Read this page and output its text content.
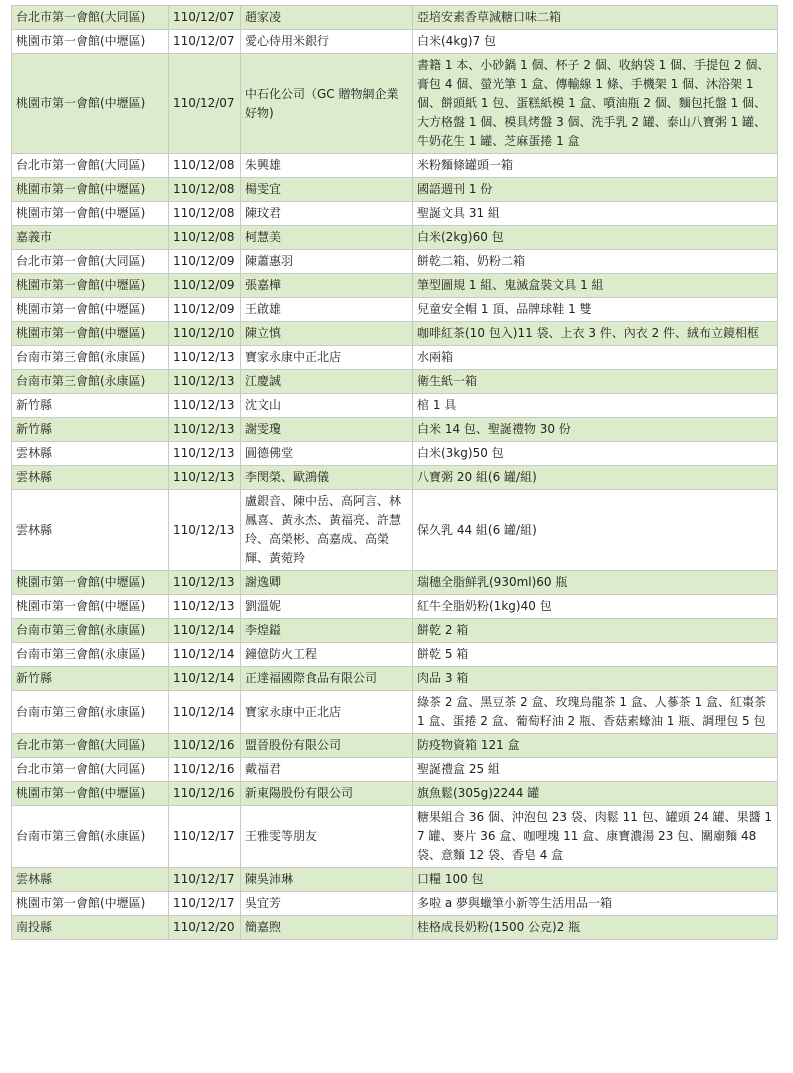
台北市第一會館(大同區)	110/12/07	趙家凌	亞培安素香草減糖口味二箱
桃園市第一會館(中壢區)	110/12/07	愛心侍用米銀行	白米(4kg)7 包
桃園市第一會館(中壢區)	110/12/07	中石化公司（GC 贈物網企業好物)	書籍 1 本、小砂鍋 1 個、杯子 2 個、收納袋 1 個、手提包 2 個、膏包 4 個、螢光筆 1 盒、傳輸線 1 條、手機架 1 個、沐浴架 1 個、餅頭紙 1 包、蛋糕紙模 1 盒、噴油瓶 2 個、麵包托盤 1 個、大方格盤 1 個、模具烤盤 3 個、洗手乳 2 罐、泰山八寶粥 1 罐、牛奶花生 1 罐、芝麻蛋捲 1 盒
台北市第一會館(大同區)	110/12/08	朱興雄	米粉麵條罐頭一箱
桃園市第一會館(中壢區)	110/12/08	楊雯宜	國語週刊 1 份
桃園市第一會館(中壢區)	110/12/08	陳玟君	聖誕文具 31 組
嘉義市	110/12/08	柯慧美	白米(2kg)60 包
台北市第一會館(大同區)	110/12/09	陳蕭惠羽	餅乾二箱、奶粉二箱
桃園市第一會館(中壢區)	110/12/09	張嘉樺	筆型圖規 1 組、鬼滅盒裝文具 1 組
桃園市第一會館(中壢區)	110/12/09	王啟雄	兒童安全帽 1 頂、品牌球鞋 1 雙
桃園市第一會館(中壢區)	110/12/10	陳立慎	咖啡紅茶(10 包入)11 袋、上衣 3 件、內衣 2 件、絨布立鏡相框
台南市第三會館(永康區)	110/12/13	寶家永康中正北店	水兩箱
台南市第三會館(永康區)	110/12/13	江慶誠	衛生紙一箱
新竹縣	110/12/13	沈文山	棺 1 具
新竹縣	110/12/13	謝雯瓊	白米 14 包、聖誕禮物 30 份
雲林縣	110/12/13	圓德佛堂	白米(3kg)50 包
雲林縣	110/12/13	李閔榮、歐鴻儀	八寶粥 20 組(6 罐/組)
雲林縣	110/12/13	盧銀音、陳中岳、高阿言、林鳳喜、黃永杰、黃福亮、許慧玲、高榮彬、高嘉成、高榮輝、黃菀羚	保久乳 44 組(6 罐/組)
桃園市第一會館(中壢區)	110/12/13	謝逸卿	瑞穗全脂鮮乳(930ml)60 瓶
桃園市第一會館(中壢區)	110/12/13	劉溫妮	紅牛全脂奶粉(1kg)40 包
台南市第三會館(永康區)	110/12/14	李煌鎰	餅乾 2 箱
台南市第三會館(永康區)	110/12/14	鐘億防火工程	餅乾 5 箱
新竹縣	110/12/14	正達福國際食品有限公司	肉品 3 箱
台南市第三會館(永康區)	110/12/14	寶家永康中正北店	綠茶 2 盒、黑豆茶 2 盒、玫瑰烏龍茶 1 盒、人蔘茶 1 盒、紅棗茶 1 盒、蛋捲 2 盒、葡萄籽油 2 瓶、香菇素蠔油 1 瓶、調理包 5 包
台北市第一會館(大同區)	110/12/16	盟晉股份有限公司	防疫物資箱 121 盒
台北市第一會館(大同區)	110/12/16	戴福君	聖誕禮盒 25 組
桃園市第一會館(中壢區)	110/12/16	新東陽股份有限公司	旗魚鬆(305g)2244 罐
台南市第三會館(永康區)	110/12/17	王雅雯等朋友	糖果組合 36 個、沖泡包 23 袋、肉鬆 11 包、罐頭 24 罐、果醬 17 罐、麥片 36 盒、咖哩塊 11 盒、康寶濃湯 23 包、關廟麵 48 袋、意麵 12 袋、香皂 4 盒
雲林縣	110/12/17	陳吳沛琳	口糧 100 包
桃園市第一會館(中壢區)	110/12/17	吳宜芳	多啦 a 夢與蠟筆小新等生活用品一箱
南投縣	110/12/20	簡嘉煦	桂格成長奶粉(1500 公克)2 瓶
